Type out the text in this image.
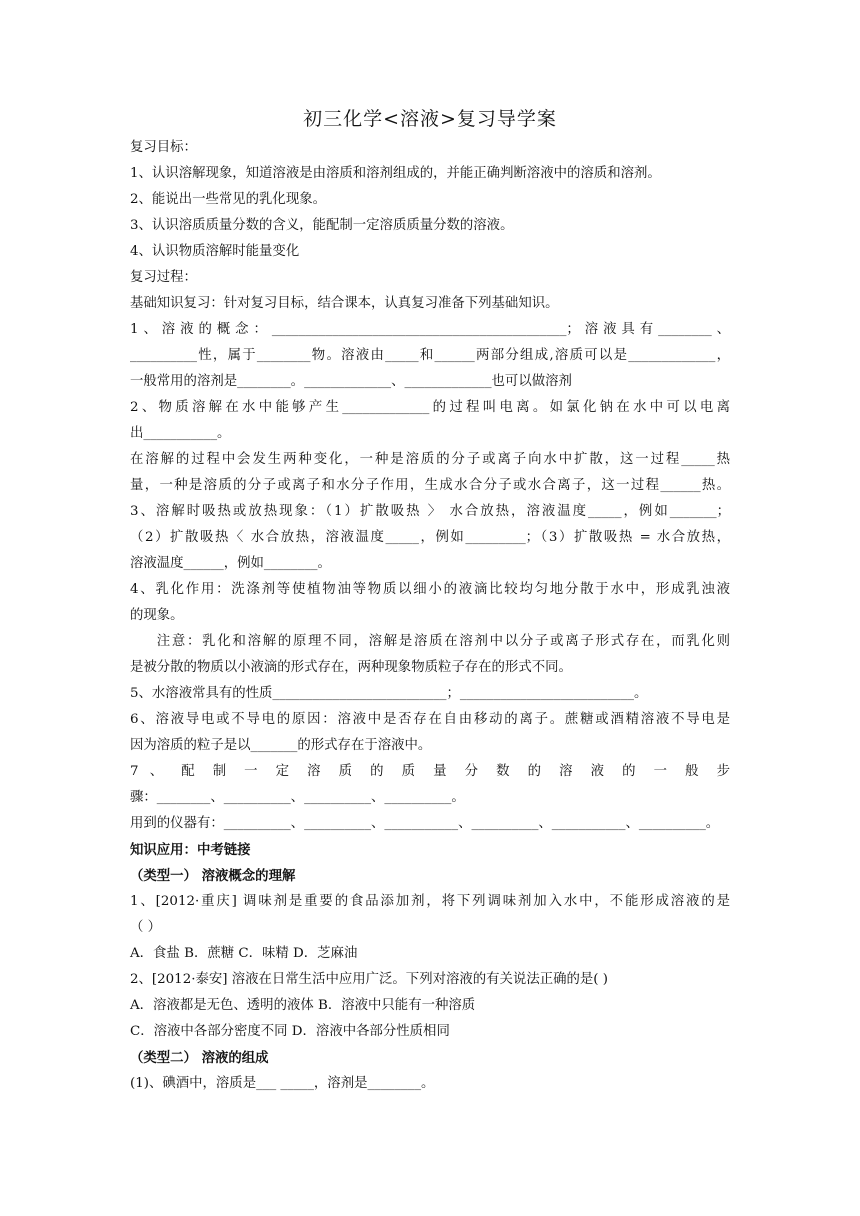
初三化学<溶液>复习导学案

复习目标：

1、认识溶解现象，知道溶液是由溶质和溶剂组成的，并能正确判断溶液中的溶质和溶剂。

2、能说出一些常见的乳化现象。

3、认识溶质质量分数的含义，能配制一定溶质质量分数的溶液。

4、认识物质溶解时能量变化

复习过程：

基础知识复习：针对复习目标，结合课本，认真复习准备下列基础知识。

1、溶液的概念：____________________________________________；溶液具有________、

__________性，属于________物。溶液由_____和______两部分组成,溶质可以是_____________，

一般常用的溶剂是________。_____________、_____________也可以做溶剂

2、物质溶解在水中能够产生_____________的过程叫电离。如氯化钠在水中可以电离

出___________。

在溶解的过程中会发生两种变化，一种是溶质的分子或离子向水中扩散，这一过程_____热

量，一种是溶质的分子或离子和水分子作用，生成水合分子或水合离子，这一过程______热。

3、溶解时吸热或放热现象：（1）扩散吸热 〉 水合放热，溶液温度_____，例如_______；

（2）扩散吸热〈 水合放热，溶液温度_____，例如_________；（3）扩散吸热 = 水合放热，

溶液温度______，例如________。

4、乳化作用：洗涤剂等使植物油等物质以细小的液滴比较均匀地分散于水中，形成乳浊液

的现象。

注意：乳化和溶解的原理不同，溶解是溶质在溶剂中以分子或离子形式存在，而乳化则

是被分散的物质以小液滴的形式存在，两种现象物质粒子存在的形式不同。

5、水溶液常具有的性质__________________________；__________________________。

6、溶液导电或不导电的原因：溶液中是否存在自由移动的离子。蔗糖或酒精溶液不导电是

因为溶质的粒子是以_______的形式存在于溶液中。

7 、 配 制 一 定 溶 质 的 质 量 分 数 的 溶 液 的 一 般 步

骤：________、__________、__________、__________。

用到的仪器有：__________、__________、___________、__________、___________、__________。

知识应用：中考链接

（类型一） 溶液概念的理解

1、[2012·重庆] 调味剂是重要的食品添加剂，将下列调味剂加入水中，不能形成溶液的是

（ ）

A．食盐 B．蔗糖 C．味精 D．芝麻油

2、[2012·泰安] 溶液在日常生活中应用广泛。下列对溶液的有关说法正确的是( )

A．溶液都是无色、透明的液体 B．溶液中只能有一种溶质

C．溶液中各部分密度不同 D．溶液中各部分性质相同

（类型二） 溶液的组成

(1)、碘酒中，溶质是___ _____，溶剂是________。
